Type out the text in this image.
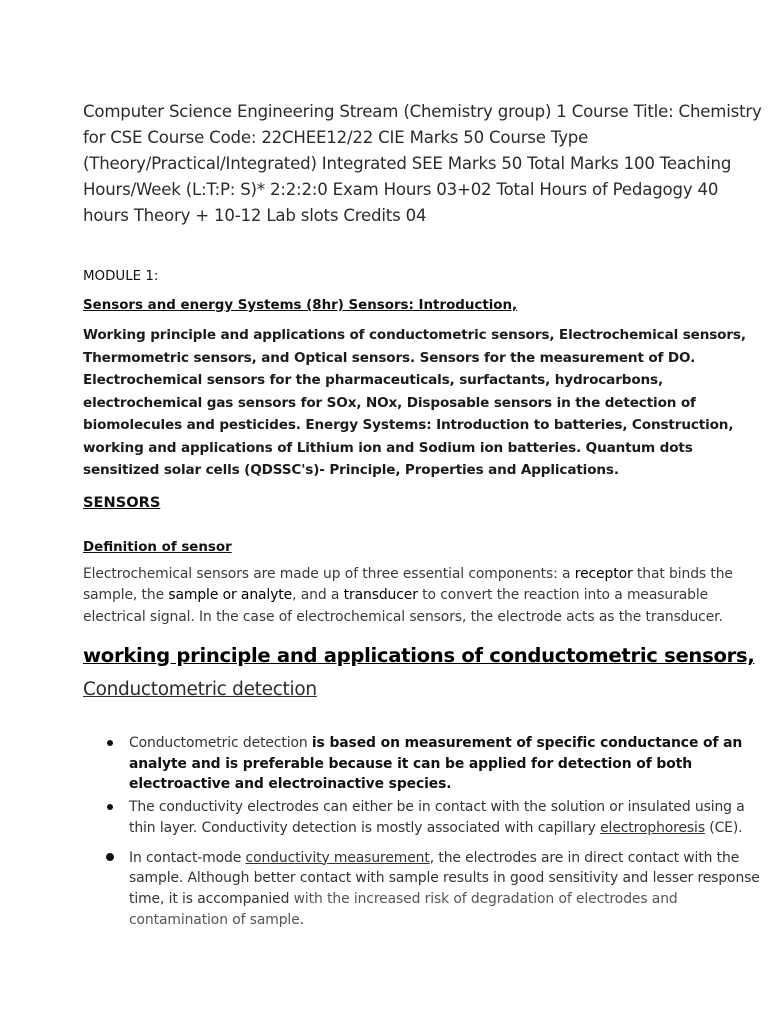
Computer Science Engineering Stream (Chemistry group) 1 Course Title: Chemistry for CSE Course Code: 22CHEE12/22 CIE Marks 50 Course Type (Theory/Practical/Integrated) Integrated SEE Marks 50 Total Marks 100 Teaching Hours/Week (L:T:P: S)* 2:2:2:0 Exam Hours 03+02 Total Hours of Pedagogy 40 hours Theory + 10-12 Lab slots Credits 04

MODULE 1:
Sensors and energy Systems (8hr) Sensors: Introduction,
Working principle and applications of conductometric sensors, Electrochemical sensors, Thermometric sensors, and Optical sensors. Sensors for the measurement of DO. Electrochemical sensors for the pharmaceuticals, surfactants, hydrocarbons, electrochemical gas sensors for SOx, NOx, Disposable sensors in the detection of biomolecules and pesticides. Energy Systems: Introduction to batteries, Construction, working and applications of Lithium ion and Sodium ion batteries. Quantum dots sensitized solar cells (QDSSC's)- Principle, Properties and Applications.
SENSORS
Definition of sensor
Electrochemical sensors are made up of three essential components: a receptor that binds the sample, the sample or analyte, and a transducer to convert the reaction into a measurable electrical signal. In the case of electrochemical sensors, the electrode acts as the transducer.
working principle and applications of conductometric sensors,
Conductometric detection
Conductometric detection is based on measurement of specific conductance of an analyte and is preferable because it can be applied for detection of both electroactive and electroinactive species.
The conductivity electrodes can either be in contact with the solution or insulated using a thin layer. Conductivity detection is mostly associated with capillary electrophoresis (CE).
In contact-mode conductivity measurement, the electrodes are in direct contact with the sample. Although better contact with sample results in good sensitivity and lesser response time, it is accompanied with the increased risk of degradation of electrodes and contamination of sample.
